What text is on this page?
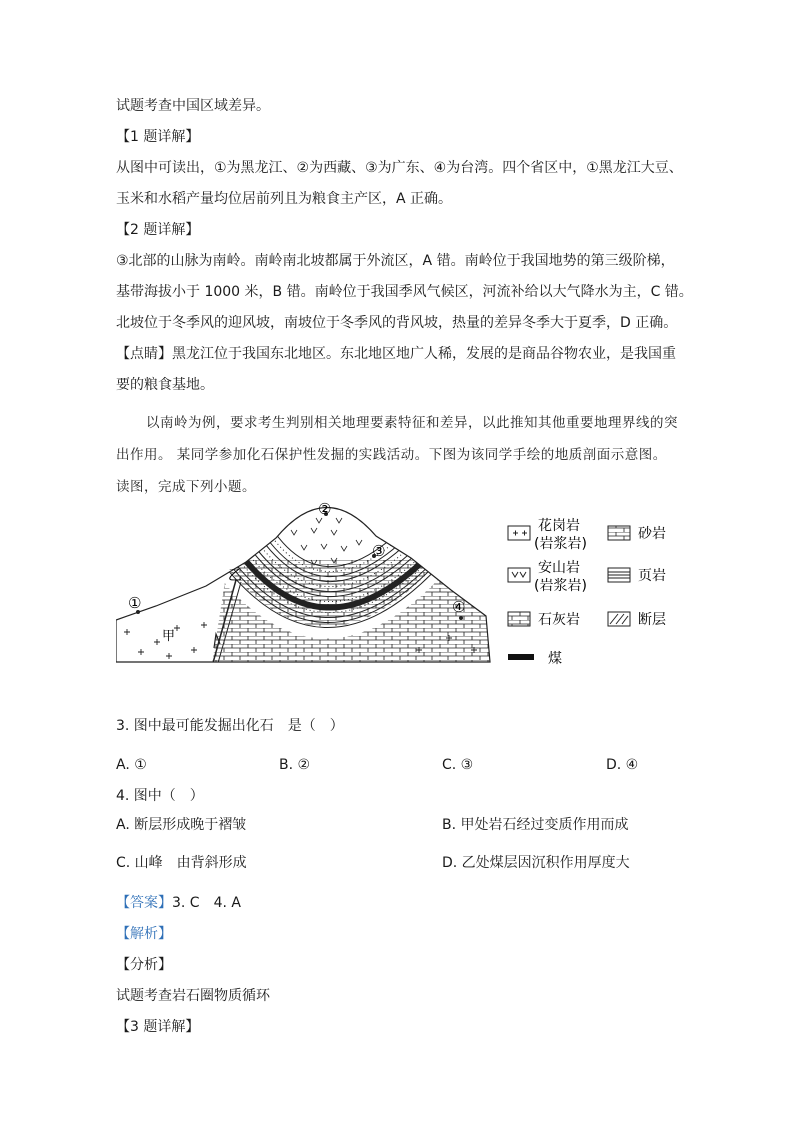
试题考查中国区域差异。
【1 题详解】
从图中可读出，①为黑龙江、②为西藏、③为广东、④为台湾。四个省区中，①黑龙江大豆、
玉米和水稻产量均位居前列且为粮食主产区，A 正确。
【2 题详解】
③北部的山脉为南岭。南岭南北坡都属于外流区，A 错。南岭位于我国地势的第三级阶梯，
基带海拔小于 1000 米，B 错。南岭位于我国季风气候区，河流补给以大气降水为主，C 错。
北坡位于冬季风的迎风坡，南坡位于冬季风的背风坡，热量的差异冬季大于夏季，D 正确。
【点睛】黑龙江位于我国东北地区。东北地区地广人稀，发展的是商品谷物农业，是我国重
要的粮食基地。
以南岭为例，要求考生判别相关地理要素特征和差异，以此推知其他重要地理界线的突
出作用。 某同学参加化石保护性发掘的实践活动。下图为该同学手绘的地质剖面示意图。
读图，完成下列小题。
①
②
③
④
乙
甲
花岗岩
(岩浆岩)
砂岩
安山岩
(岩浆岩)
页岩
石灰岩	断层
煤
3. 图中最可能发掘出化石　是（　）
A. ①	B. ②	C. ③	D. ④
4. 图中（　）
A. 断层形成晚于褶皱	B. 甲处岩石经过变质作用而成
C. 山峰　由背斜形成	D. 乙处煤层因沉积作用厚度大
【答案】3. C　4. A
【解析】
【分析】
试题考查岩石圈物质循环
【3 题详解】
